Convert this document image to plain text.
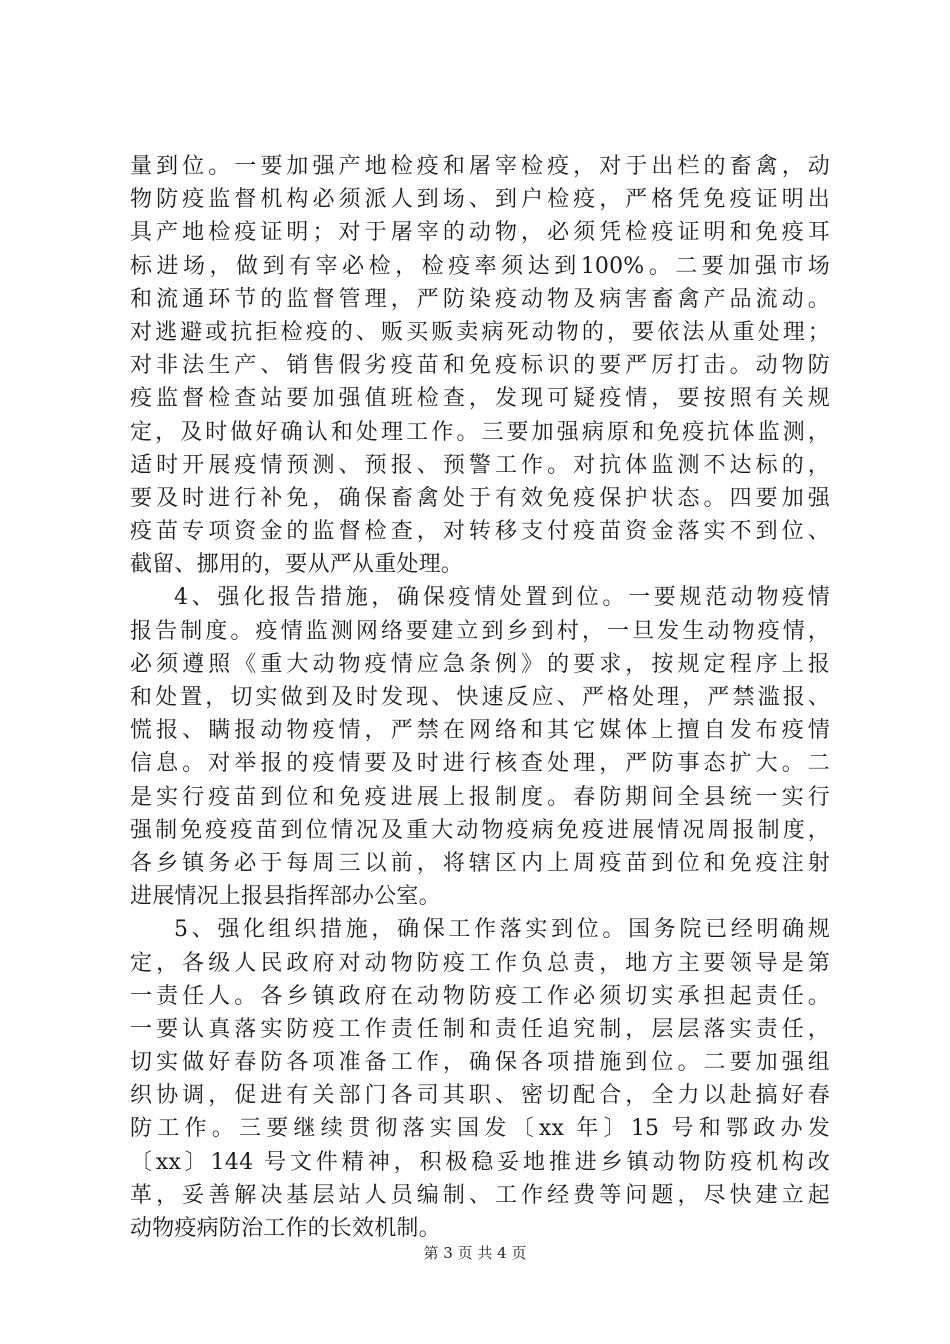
量到位。一要加强产地检疫和屠宰检疫，对于出栏的畜禽，动
物防疫监督机构必须派人到场、到户检疫，严格凭免疫证明出
具产地检疫证明；对于屠宰的动物，必须凭检疫证明和免疫耳
标进场，做到有宰必检，检疫率须达到100%。二要加强市场
和流通环节的监督管理，严防染疫动物及病害畜禽产品流动。
对逃避或抗拒检疫的、贩买贩卖病死动物的，要依法从重处理；
对非法生产、销售假劣疫苗和免疫标识的要严厉打击。动物防
疫监督检查站要加强值班检查，发现可疑疫情，要按照有关规
定，及时做好确认和处理工作。三要加强病原和免疫抗体监测，
适时开展疫情预测、预报、预警工作。对抗体监测不达标的，
要及时进行补免，确保畜禽处于有效免疫保护状态。四要加强
疫苗专项资金的监督检查，对转移支付疫苗资金落实不到位、
截留、挪用的，要从严从重处理。
4、强化报告措施，确保疫情处置到位。一要规范动物疫情
报告制度。疫情监测网络要建立到乡到村，一旦发生动物疫情，
必须遵照《重大动物疫情应急条例》的要求，按规定程序上报
和处置，切实做到及时发现、快速反应、严格处理，严禁滥报、
慌报、瞒报动物疫情，严禁在网络和其它媒体上擅自发布疫情
信息。对举报的疫情要及时进行核查处理，严防事态扩大。二
是实行疫苗到位和免疫进展上报制度。春防期间全县统一实行
强制免疫疫苗到位情况及重大动物疫病免疫进展情况周报制度，
各乡镇务必于每周三以前，将辖区内上周疫苗到位和免疫注射
进展情况上报县指挥部办公室。
5、强化组织措施，确保工作落实到位。国务院已经明确规
定，各级人民政府对动物防疫工作负总责，地方主要领导是第
一责任人。各乡镇政府在动物防疫工作必须切实承担起责任。
一要认真落实防疫工作责任制和责任追究制，层层落实责任，
切实做好春防各项准备工作，确保各项措施到位。二要加强组
织协调，促进有关部门各司其职、密切配合，全力以赴搞好春
防工作。三要继续贯彻落实国发〔xx 年〕15 号和鄂政办发
〔xx〕144 号文件精神，积极稳妥地推进乡镇动物防疫机构改
革，妥善解决基层站人员编制、工作经费等问题，尽快建立起
动物疫病防治工作的长效机制。
第 3 页 共 4 页
